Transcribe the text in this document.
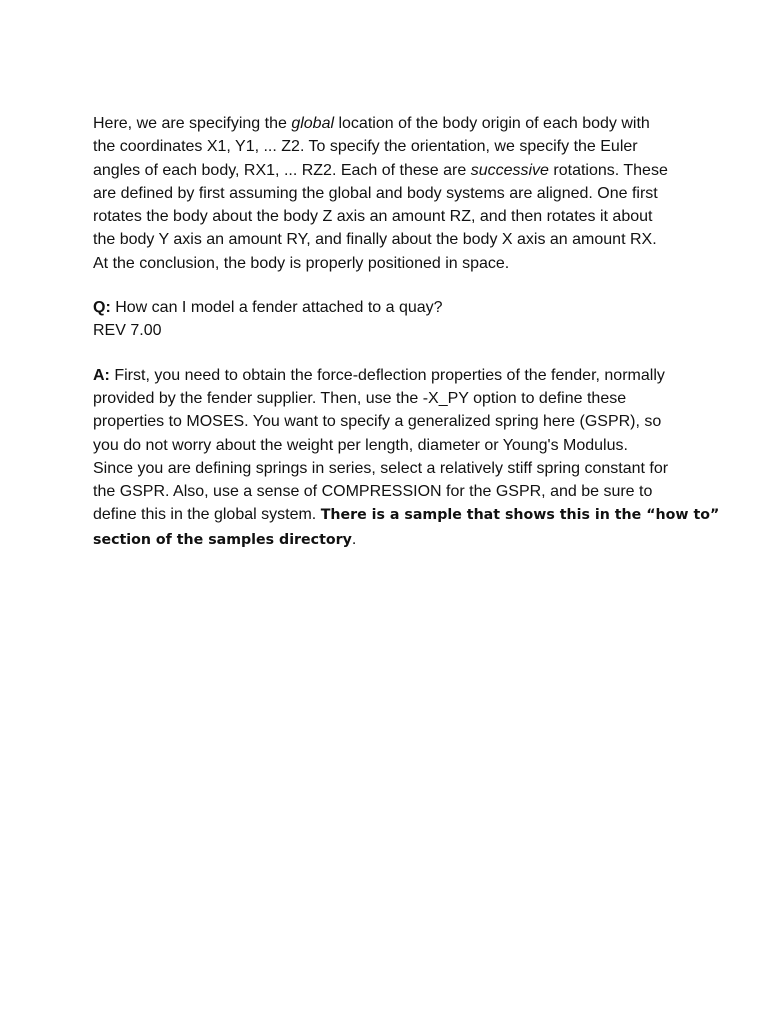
Here, we are specifying the global location of the body origin of each body with
the coordinates X1, Y1, ... Z2. To specify the orientation, we specify the Euler
angles of each body, RX1, ... RZ2. Each of these are successive rotations. These
are defined by first assuming the global and body systems are aligned. One first
rotates the body about the body Z axis an amount RZ, and then rotates it about
the body Y axis an amount RY, and finally about the body X axis an amount RX.
At the conclusion, the body is properly positioned in space.

Q: How can I model a fender attached to a quay?
REV 7.00

A: First, you need to obtain the force-deflection properties of the fender, normally
provided by the fender supplier. Then, use the -X_PY option to define these
properties to MOSES. You want to specify a generalized spring here (GSPR), so
you do not worry about the weight per length, diameter or Young's Modulus.
Since you are defining springs in series, select a relatively stiff spring constant for
the GSPR. Also, use a sense of COMPRESSION for the GSPR, and be sure to
define this in the global system. There is a sample that shows this in the “how to”
section of the samples directory.
